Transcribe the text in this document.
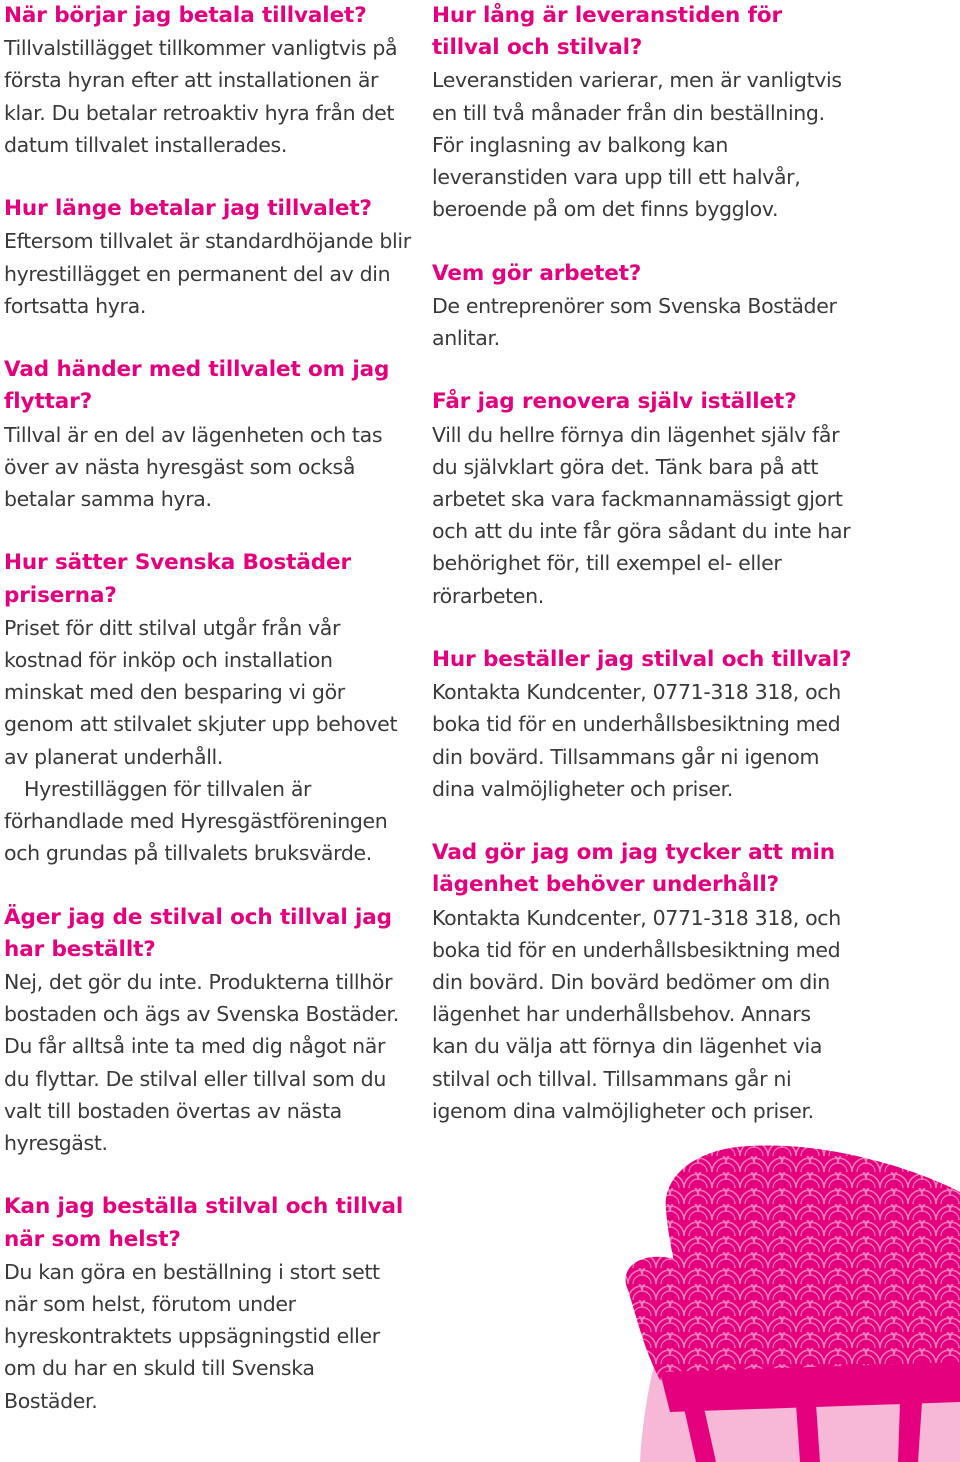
När börjar jag betala tillvalet?

Tillvalstillägget tillkommer vanligtvis på första hyran efter att installationen är klar. Du betalar retroaktiv hyra från det datum tillvalet installerades.

Hur länge betalar jag tillvalet?

Eftersom tillvalet är standardhöjande blir hyrestillägget en permanent del av din fortsatta hyra.

Vad händer med tillvalet om jag flyttar?

Tillval är en del av lägenheten och tas över av nästa hyresgäst som också betalar samma hyra.

Hur sätter Svenska Bostäder priserna?

Priset för ditt stilval utgår från vår kostnad för inköp och installation minskat med den besparing vi gör genom att stilvalet skjuter upp behovet av planerat underhåll.

Hyrestilläggen för tillvalen är förhandlade med Hyresgästföreningen och grundas på tillvalets bruksvärde.

Äger jag de stilval och tillval jag har beställt?

Nej, det gör du inte. Produkterna tillhör bostaden och ägs av Svenska Bostäder. Du får alltså inte ta med dig något när du flyttar. De stilval eller tillval som du valt till bostaden övertas av nästa hyresgäst.

Kan jag beställa stilval och tillval när som helst?

Du kan göra en beställning i stort sett när som helst, förutom under hyreskontraktets uppsägningstid eller om du har en skuld till Svenska Bostäder.

Hur lång är leveranstiden för tillval och stilval?

Leveranstiden varierar, men är vanligtvis en till två månader från din beställning. För inglasning av balkong kan leveranstiden vara upp till ett halvår, beroende på om det finns bygglov.

Vem gör arbetet?

De entreprenörer som Svenska Bostäder anlitar.

Får jag renovera själv istället?

Vill du hellre förnya din lägenhet själv får du självklart göra det. Tänk bara på att arbetet ska vara fackmannamässigt gjort och att du inte får göra sådant du inte har behörighet för, till exempel el- eller rörarbeten.

Hur beställer jag stilval och tillval?

Kontakta Kundcenter, 0771-318 318, och boka tid för en underhållsbesiktning med din bovärd. Tillsammans går ni igenom dina valmöjligheter och priser.

Vad gör jag om jag tycker att min lägenhet behöver underhåll?

Kontakta Kundcenter, 0771-318 318, och boka tid för en underhållsbesiktning med din bovärd. Din bovärd bedömer om din lägenhet har underhållsbehov. Annars kan du välja att förnya din lägenhet via stilval och tillval. Tillsammans går ni igenom dina valmöjligheter och priser.
